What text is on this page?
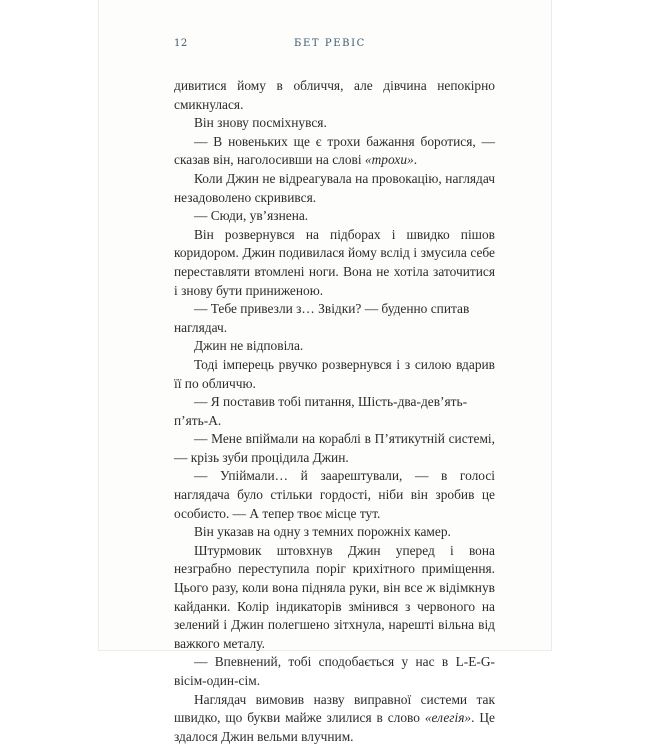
12	БЕТ РЕВІС

дивитися йому в обличчя, але дівчина непокірно смикнулася.

Він знову посміхнувся.

— В новеньких ще є трохи бажання боротися, — сказав він, наголосивши на слові «трохи».

Коли Джин не відреагувала на провокацію, наглядач незадоволено скривився.

— Сюди, ув’язнена.

Він розвернувся на підборах і швидко пішов коридором. Джин подивилася йому вслід і змусила себе переставляти втомлені ноги. Вона не хотіла заточитися і знову бути приниженою.

— Тебе привезли з… Звідки? — буденно спитав наглядач.

Джин не відповіла.

Тоді імперець рвучко розвернувся і з силою вдарив її по обличчю.

— Я поставив тобі питання, Шість-два-дев’ять-п’ять-А.

— Мене впіймали на кораблі в П’ятикутній системі, — крізь зуби процідила Джин.

— Упіймали… й заарештували, — в голосі наглядача було стільки гордості, ніби він зробив це особисто. — А тепер твоє місце тут.

Він указав на одну з темних порожніх камер.

Штурмовик штовхнув Джин уперед і вона незграбно переступила поріг крихітного приміщення. Цього разу, коли вона підняла руки, він все ж відімкнув кайданки. Колір індикаторів змінився з червоного на зелений і Джин полегшено зітхнула, нарешті вільна від важкого металу.

— Впевнений, тобі сподобається у нас в L-E-G-вісім-один-сім.

Наглядач вимовив назву виправної системи так швидко, що букви майже злилися в слово «елегія». Це здалося Джин вельми влучним.
